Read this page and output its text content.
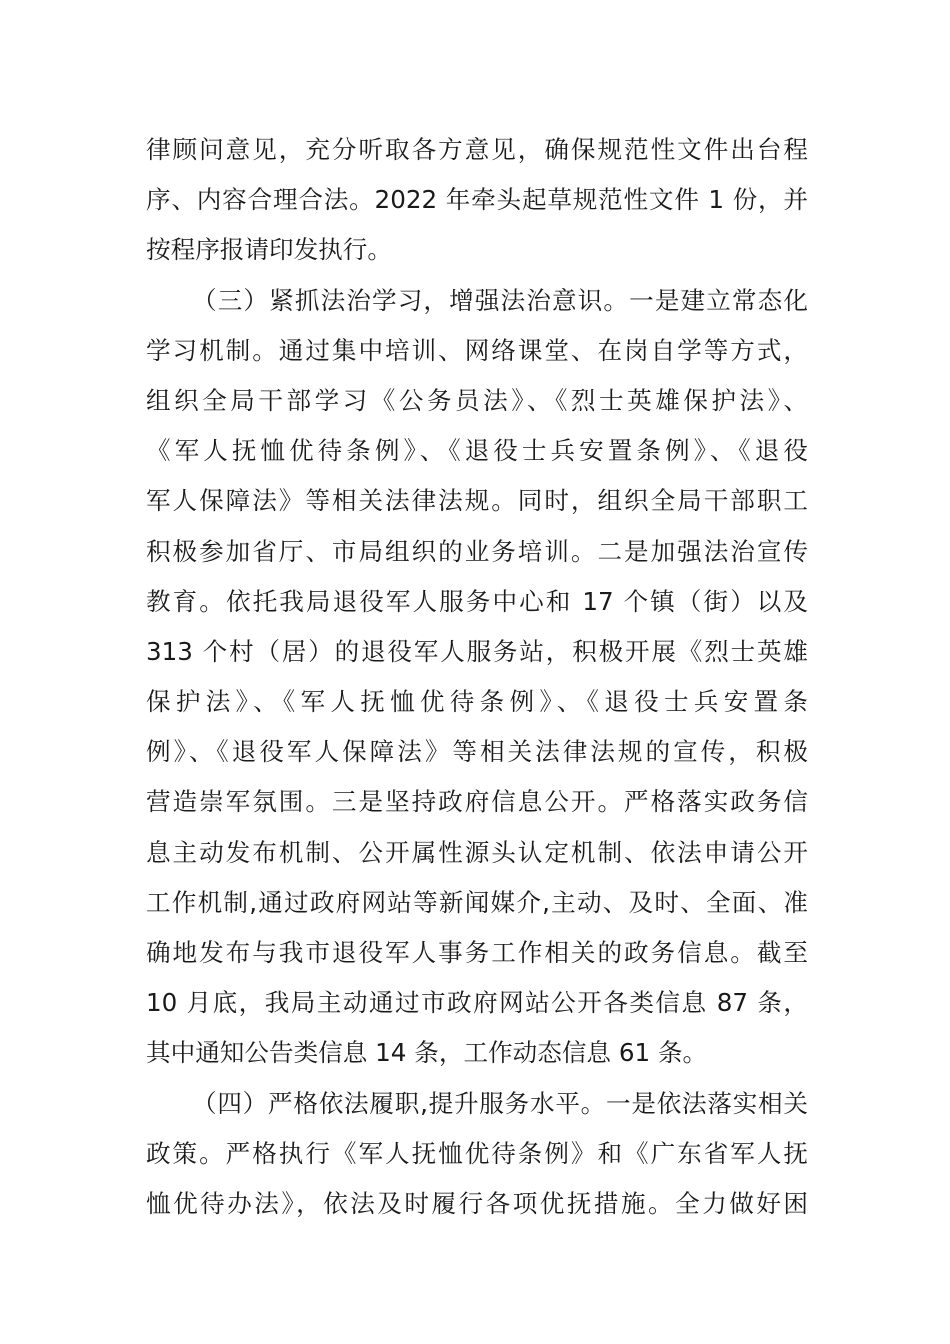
律顾问意见，充分听取各方意见，确保规范性文件出台程
序、内容合理合法。2022 年牵头起草规范性文件 1 份，并
按程序报请印发执行。
（三）紧抓法治学习，增强法治意识。一是建立常态化
学习机制。通过集中培训、网络课堂、在岗自学等方式，
组织全局干部学习《公务员法》、《烈士英雄保护法》、
《军人抚恤优待条例》、《退役士兵安置条例》、《退役
军人保障法》等相关法律法规。同时，组织全局干部职工
积极参加省厅、市局组织的业务培训。二是加强法治宣传
教育。依托我局退役军人服务中心和 17 个镇（街）以及
313 个村（居）的退役军人服务站，积极开展《烈士英雄
保护法》、《军人抚恤优待条例》、《退役士兵安置条
例》、《退役军人保障法》等相关法律法规的宣传，积极
营造崇军氛围。三是坚持政府信息公开。严格落实政务信
息主动发布机制、公开属性源头认定机制、依法申请公开
工作机制,通过政府网站等新闻媒介,主动、及时、全面、准
确地发布与我市退役军人事务工作相关的政务信息。截至
10 月底，我局主动通过市政府网站公开各类信息 87 条，
其中通知公告类信息 14 条，工作动态信息 61 条。
（四）严格依法履职,提升服务水平。一是依法落实相关
政策。严格执行《军人抚恤优待条例》和《广东省军人抚
恤优待办法》，依法及时履行各项优抚措施。全力做好困
